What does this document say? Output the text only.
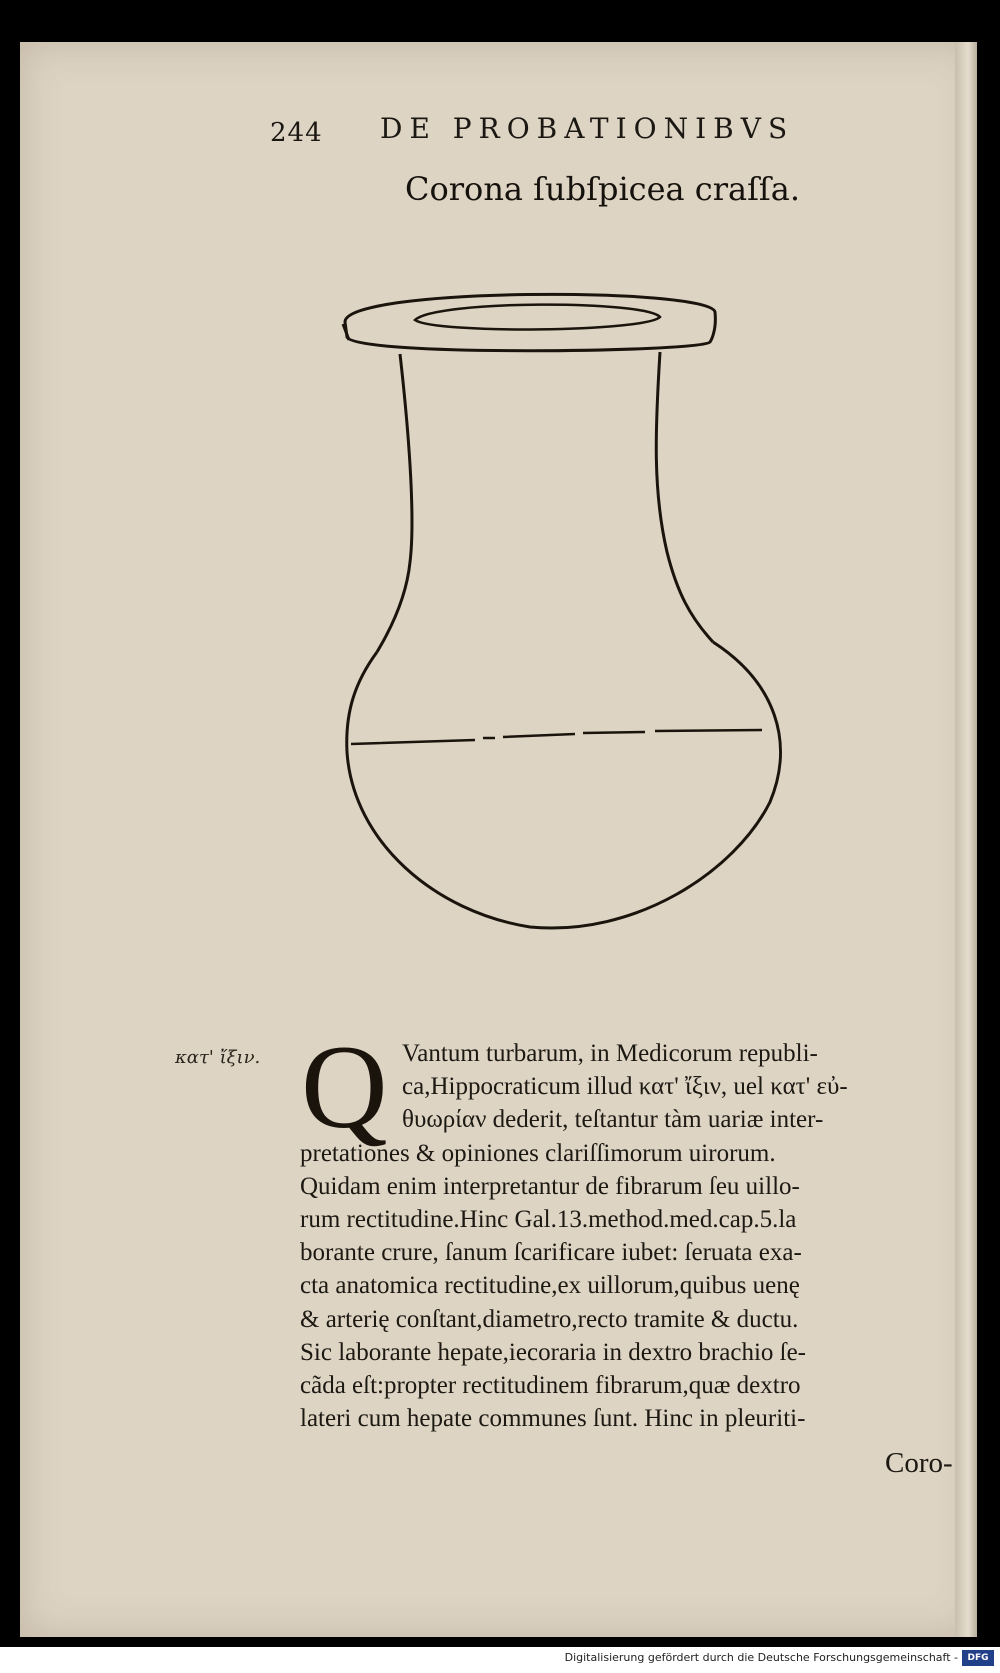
244 DE PROBATIONIBVS
Corona ſubſpicea craſſa.
κατ' ἴξιν. Q Vantum turbarum, in Medicorum republi-
ca,Hippocraticum illud κατ' ἴξιν, uel κατ' εὐ-
θυωρίαν dederit, teſtantur tàm uariæ inter-
pretationes & opiniones clariſſimorum uirorum.
Quidam enim interpretantur de fibrarum ſeu uillo-
rum rectitudine.Hinc Gal.13.method.med.cap.5.la
borante crure, ſanum ſcarificare iubet: ſeruata exa-
cta anatomica rectitudine,ex uillorum,quibus uenę
& arterię conſtant,diametro,recto tramite & ductu.
Sic laborante hepate,iecoraria in dextro brachio ſe-
cãda eſt:propter rectitudinem fibrarum,quæ dextro
lateri cum hepate communes ſunt. Hinc in pleuriti-
Coro-
Digitalisierung gefördert durch die Deutsche Forschungsgemeinschaft -	DFG
